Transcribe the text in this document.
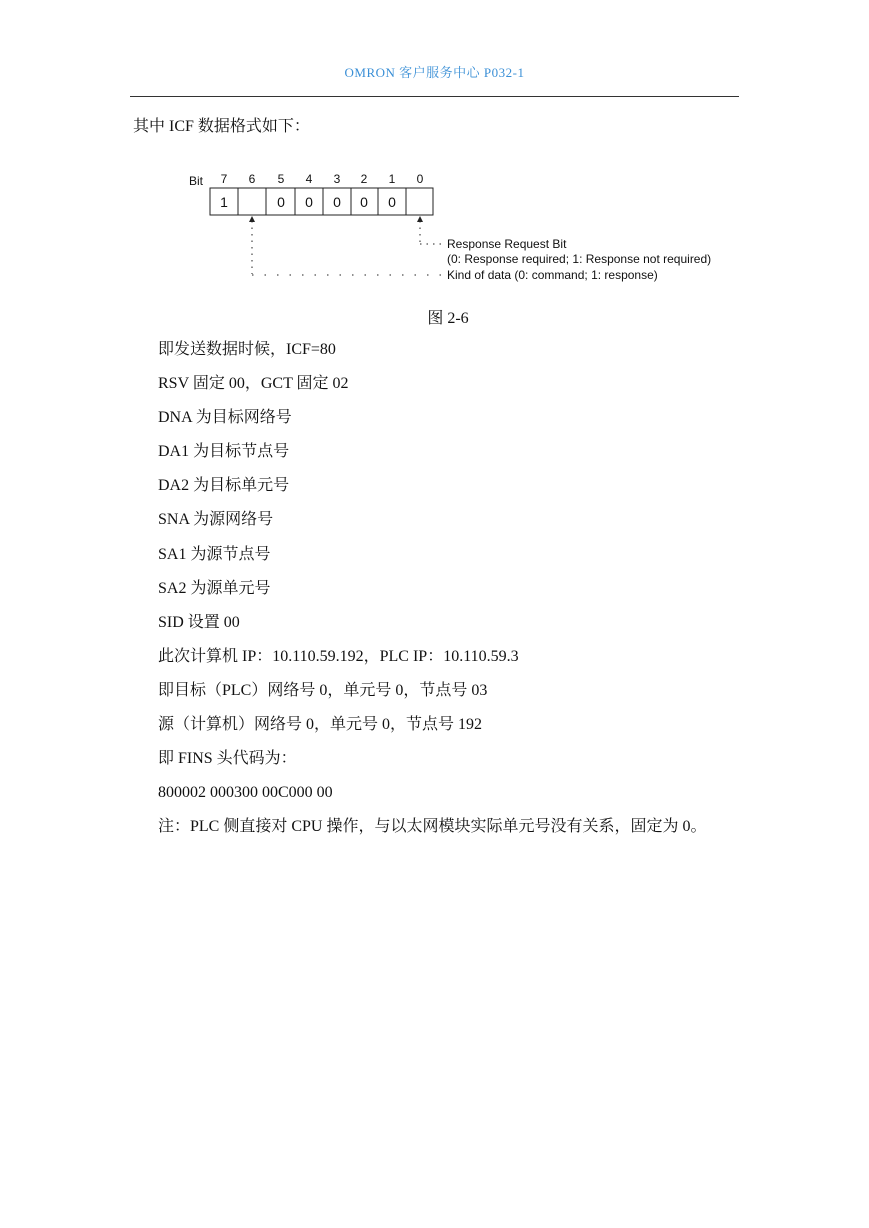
OMRON 客户服务中心 P032-1
其中 ICF 数据格式如下：
Bit 7 6 5 4 3 2 1 0
1	0 0 0 0 0
Response Request Bit
(0: Response required; 1: Response not required)
Kind of data (0: command; 1: response)
图 2-6
即发送数据时候，ICF=80
RSV 固定 00，GCT 固定 02
DNA 为目标网络号
DA1 为目标节点号
DA2 为目标单元号
SNA 为源网络号
SA1 为源节点号
SA2 为源单元号
SID 设置 00
此次计算机 IP：10.110.59.192，PLC IP：10.110.59.3
即目标（PLC）网络号 0，单元号 0，节点号 03
源（计算机）网络号 0，单元号 0，节点号 192
即 FINS 头代码为：
800002 000300 00C000 00
注：PLC 侧直接对 CPU 操作，与以太网模块实际单元号没有关系，固定为 0。
